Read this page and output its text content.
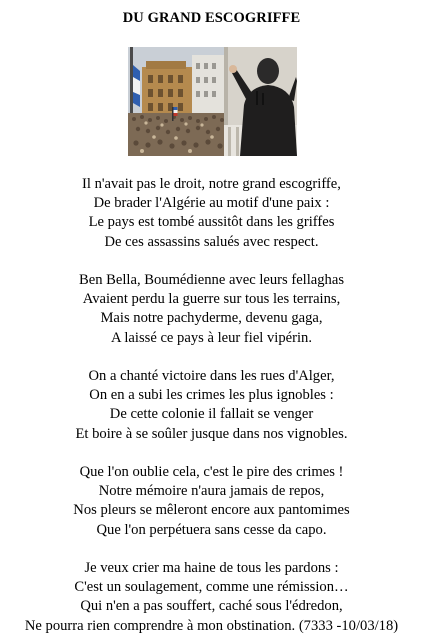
DU GRAND ESCOGRIFFE
Il n'avait pas le droit, notre grand escogriffe,
De brader l'Algérie au motif d'une paix :
Le pays est tombé aussitôt dans les griffes
De ces assassins salués avec respect.
Ben Bella, Boumédienne avec leurs fellaghas
Avaient perdu la guerre sur tous les terrains,
Mais notre pachyderme, devenu gaga,
A laissé ce pays à leur fiel vipérin.
On a chanté victoire dans les rues d'Alger,
On en a subi les crimes les plus ignobles :
De cette colonie il fallait se venger
Et boire à se soûler jusque dans nos vignobles.
Que l'on oublie cela, c'est le pire des crimes !
Notre mémoire n'aura jamais de repos,
Nos pleurs se mêleront encore aux pantomimes
Que l'on perpétuera sans cesse da capo.
Je veux crier ma haine de tous les pardons :
C'est un soulagement, comme une rémission…
Qui n'en a pas souffert, caché sous l'édredon,
Ne pourra rien comprendre à mon obstination. (7333 -10/03/18)
